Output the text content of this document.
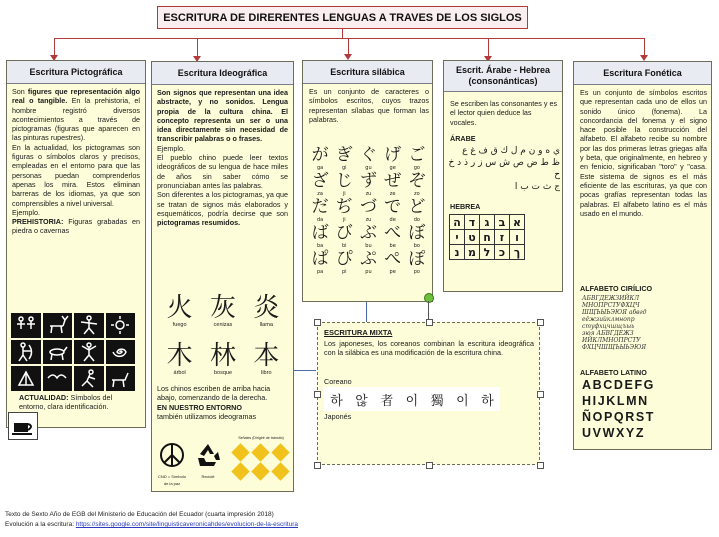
ESCRITURA DE DIRERENTES LENGUAS A TRAVES DE LOS SIGLOS
Escritura Pictográfica
Son figures que representación algo real o tangible. En la prehistoria, el hombre registró diversos acontecimientos a través de pictogramas (figuras que aparecen en las pinturas rupestres).
En la actualidad, los pictogramas son figuras o símbolos claros y precisos, empleadas en el entorno para que las personas puedan comprenderlos apenas los mira. Estos eliminan barreras de los idiomas, ya que son comprensibles a nivel universal.
Ejemplo.
PREHISTORIA: Figuras grabadas en piedra o cavernas
ACTUALIDAD: Símbolos del entorno, clara identificación.
Escritura Ideográfica
Son signos que representan una idea abstracte, y no sonidos. Lengua propia de la cultura china. El concepto representa un ser o una idea directamente sin necesidad de transcribir palabras o o frases.
Ejemplo.
El pueblo chino puede leer textos ideográficos de su lengua de hace miles de años sin saber cómo se pronunciaban antes las palabras.
Son diferentes a los pictogramas, ya que se tratan de signos más elaborados y esquemáticos, podría decirse que son pictogramas resumidos.
火
fuego
灰
cenizas
炎
llama
木
árbol
林
bosque
本
libro
Los chinos escriben de arriba hacia abajo, comenzando de la derecha.
EN NUESTRO ENTORNO
también utilizamos ideogramas
CND = Símbolo de la paz
Reciclé
Señales (Dirigiré de tránsito)
Escritura silábica
Es un conjunto de caracteres o símbolos escritos, cuyos trazos representan sílabas que forman las palabras.
が	ぎ	ぐ	げ	ご
ga	gi	gu	ge	go
ざ	じ	ず	ぜ	ぞ
za	ji	zu	ze	zo
だ	ぢ	づ	で	ど
da	ji	zu	de	do
ば	び	ぶ	べ	ぼ
ba	bi	bu	be	bo
ぱ	ぴ	ぷ	ぺ	ぽ
pa	pi	pu	pe	po
Escrit. Árabe - Hebrea
(consonánticas)
Se escriben las consonantes y es el lector quien deduce las vocales.
ÁRABE
ي ه و ن م ل ك ق ف غ ع
ظ ط ض ص ش س ز ر ذ د خ ح
ج ث ت ب ا
HEBREA
ה	ד	ג	ב	א
י	ט	ח	ז	ו
נ	מ	ל	כ	ך
Escritura Fonética
Es un conjunto de símbolos escritos que representan cada uno de ellos un sonido único (fonema). La concordancia del fonema y el signo hace posible la construcción del alfabeto. El alfabeto recibe su nombre por las dos primeras letras griegas alfa y beta, que originalmente, en hebreo y en fenicio, significaban "toro" y "casa. Este sistema de signos es el más eficiente de las escrituras, ya que con pocas grafías representan todas las palabras. El alfabeto latino es el más usado en el mundo.
ALFABETO CIRÍLICO
АБВГДЕЖЗИЙКЛ
МНОПРСТУФХЦЧ
ШЩЪЫЬЭЮЯ абвгд
еёжзийклмнопр
стуфхцчшщъыь
эюя АБВГДЕЖЗ
ИЙКЛМНОПРСТУ
ФХЦЧШЩЪЫЬЭЮЯ
ALFABETO LATINO
ABCDEFG
HIJKLMN
ÑOPQRST
UVWXYZ
ESCRITURA MIXTA
Los japoneses, los coreanos combinan la escritura ideográfica con la silábica es una modificación de la escritura china.
Coreano
하 않 者 이 獨 이 하
Japonés
Texto de Sexto Año de EGB del Ministerio de Educación del Ecuador (cuarta impresión 2018)
Evolución a la escritura: https://sites.google.com/site/linguisticaveronicahdes/evolucion-de-la-escritura
